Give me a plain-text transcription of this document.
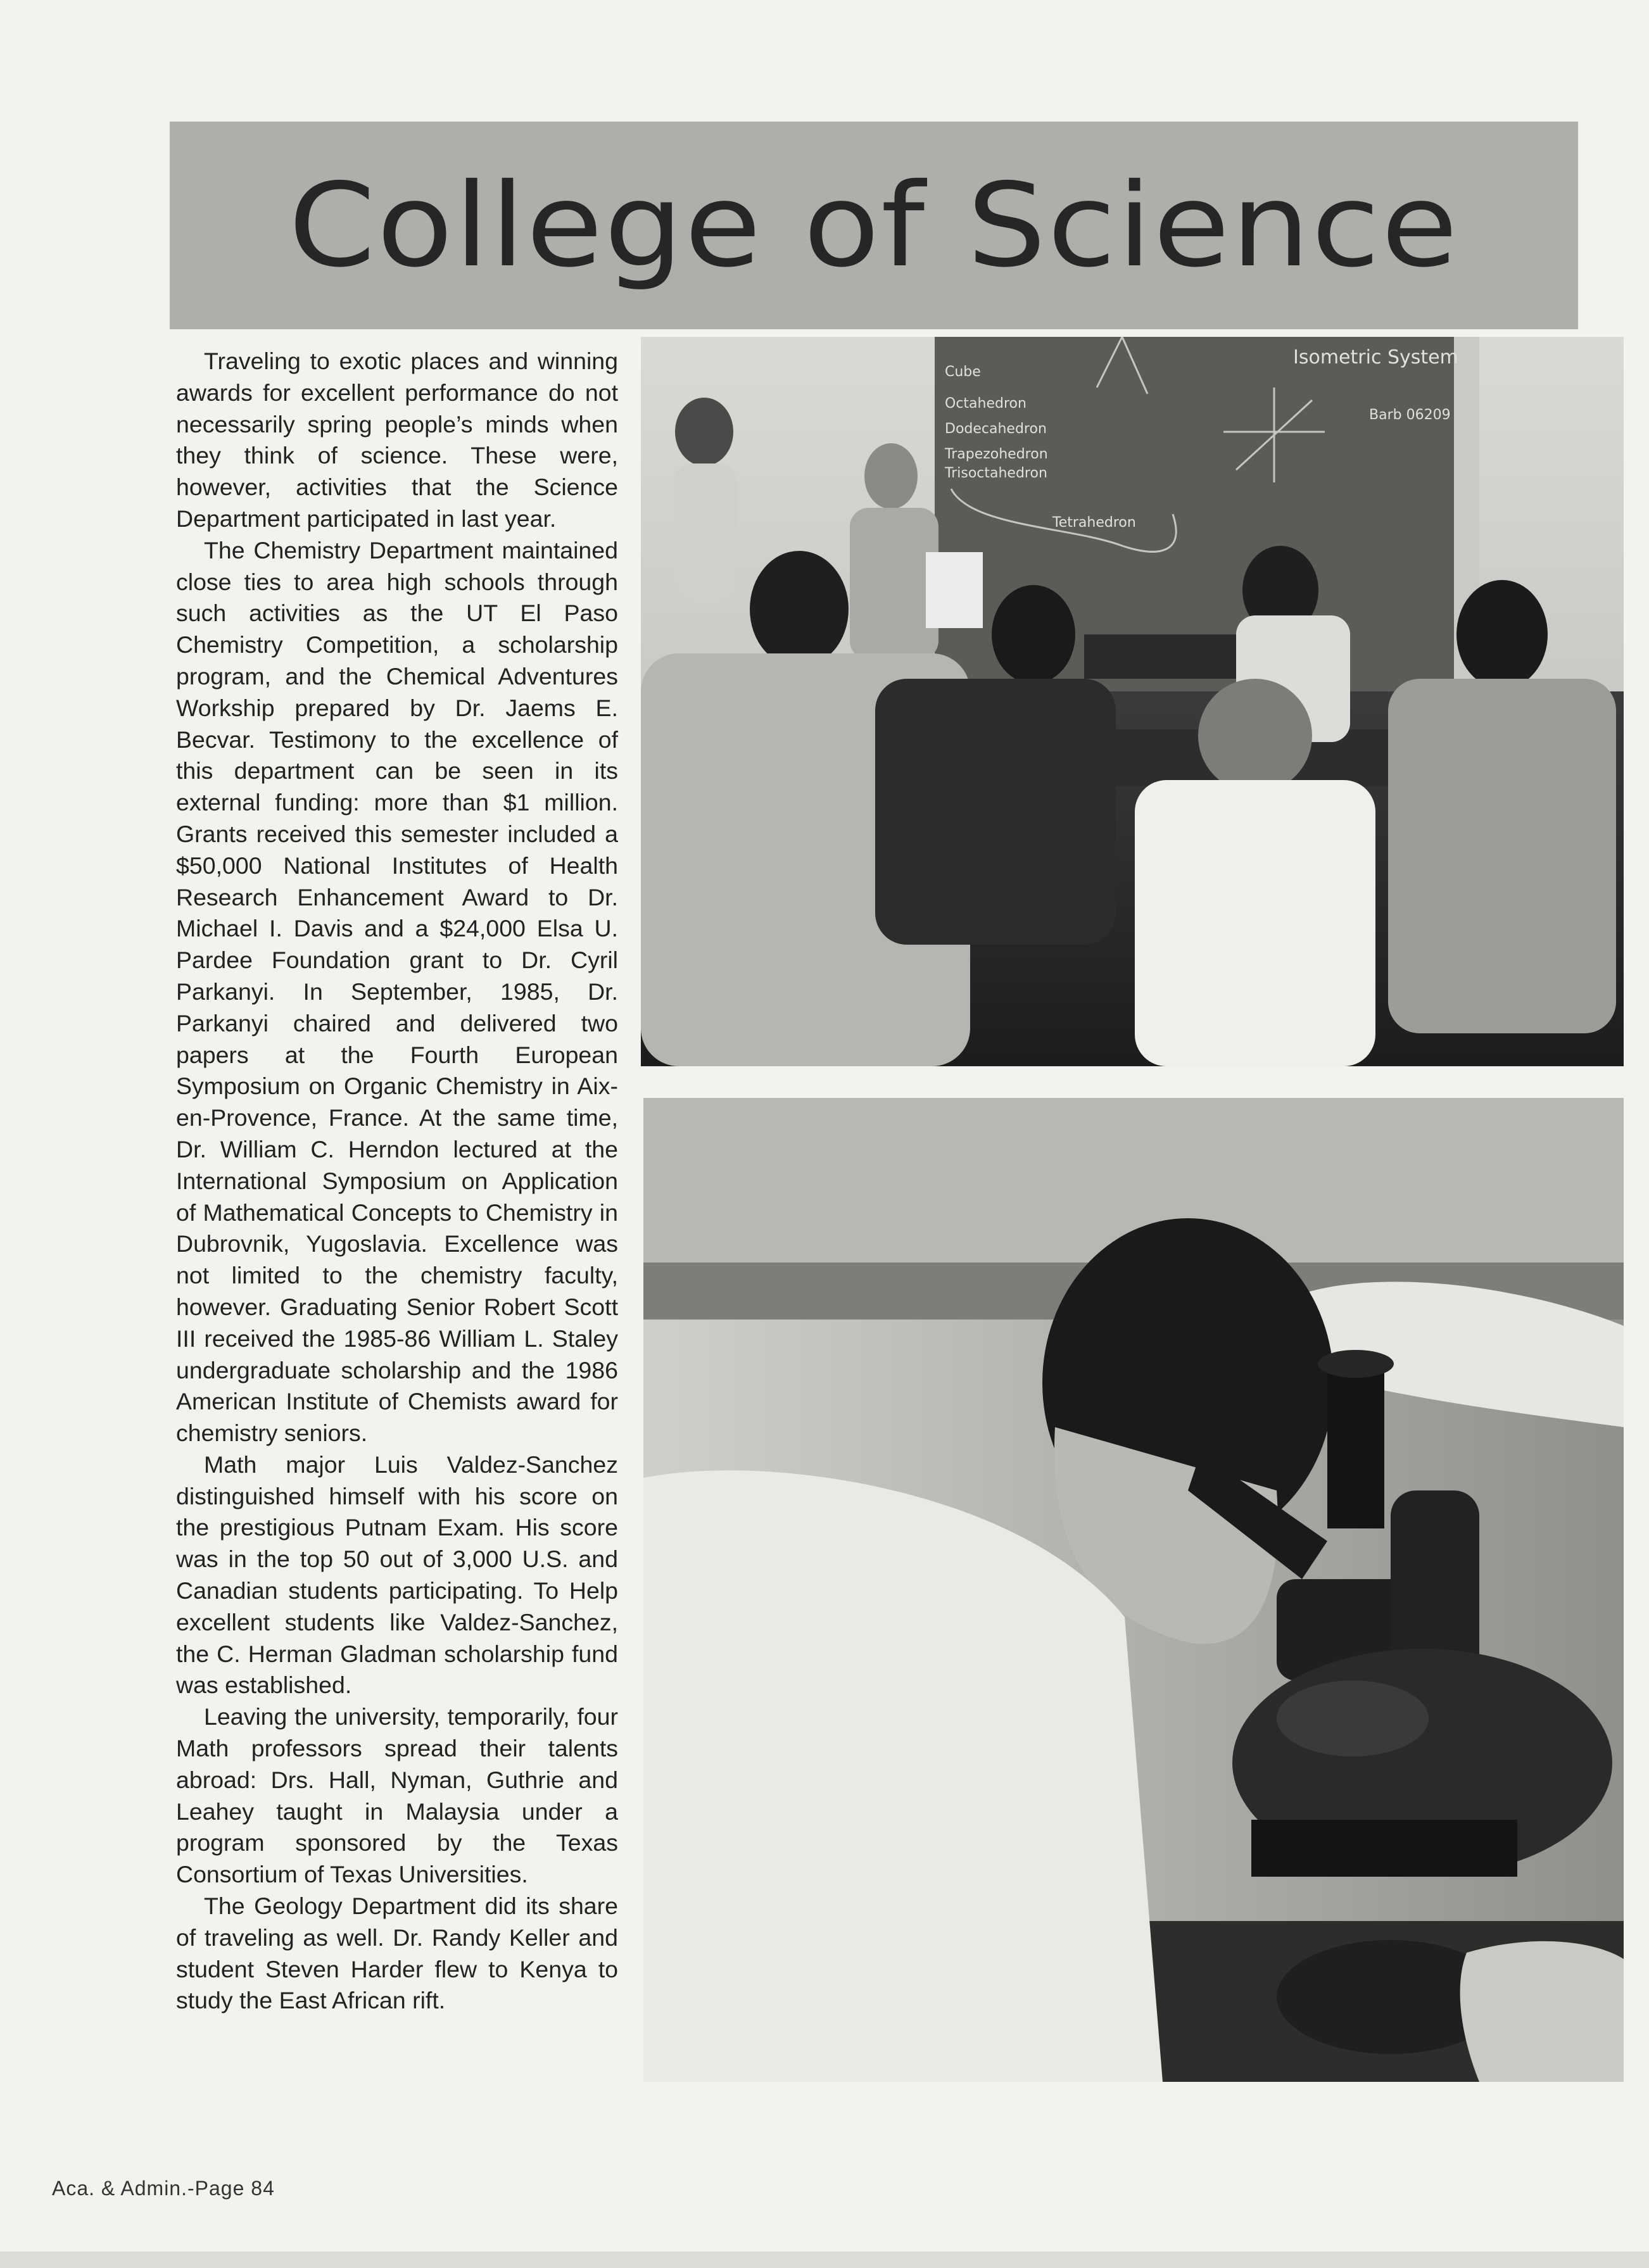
College of Science

Traveling to exotic places and winning awards for excellent performance do not necessarily spring people’s minds when they think of science. These were, however, activities that the Science Department participated in last year.

The Chemistry Department maintained close ties to area high schools through such activities as the UT El Paso Chemistry Competition, a scholarship program, and the Chemical Adventures Workship prepared by Dr. Jaems E. Becvar. Testimony to the excellence of this department can be seen in its external funding: more than $1 million. Grants received this semester included a $50,000 National Institutes of Health Research Enhancement Award to Dr. Michael I. Davis and a $24,000 Elsa U. Pardee Foundation grant to Dr. Cyril Parkanyi. In September, 1985, Dr. Parkanyi chaired and delivered two papers at the Fourth European Symposium on Organic Chemistry in Aix-en-Provence, France. At the same time, Dr. William C. Herndon lectured at the International Symposium on Application of Mathematical Concepts to Chemistry in Dubrovnik, Yugoslavia. Excellence was not limited to the chemistry faculty, however. Graduating Senior Robert Scott III received the 1985-86 William L. Staley undergraduate scholarship and the 1986 American Institute of Chemists award for chemistry seniors.

Math major Luis Valdez-Sanchez distinguished himself with his score on the prestigious Putnam Exam. His score was in the top 50 out of 3,000 U.S. and Canadian students participating. To Help excellent students like Valdez-Sanchez, the C. Herman Gladman scholarship fund was established.

Leaving the university, temporarily, four Math professors spread their talents abroad: Drs. Hall, Nyman, Guthrie and Leahey taught in Malaysia under a program sponsored by the Texas Consortium of Texas Universities.

The Geology Department did its share of traveling as well. Dr. Randy Keller and student Steven Harder flew to Kenya to study the East African rift.

Isometric System
Cube
Octahedron
Dodecahedron
Trapezohedron
Trisoctahedron
Tetrahedron
Barb 06209
Aca. & Admin.-Page 84
